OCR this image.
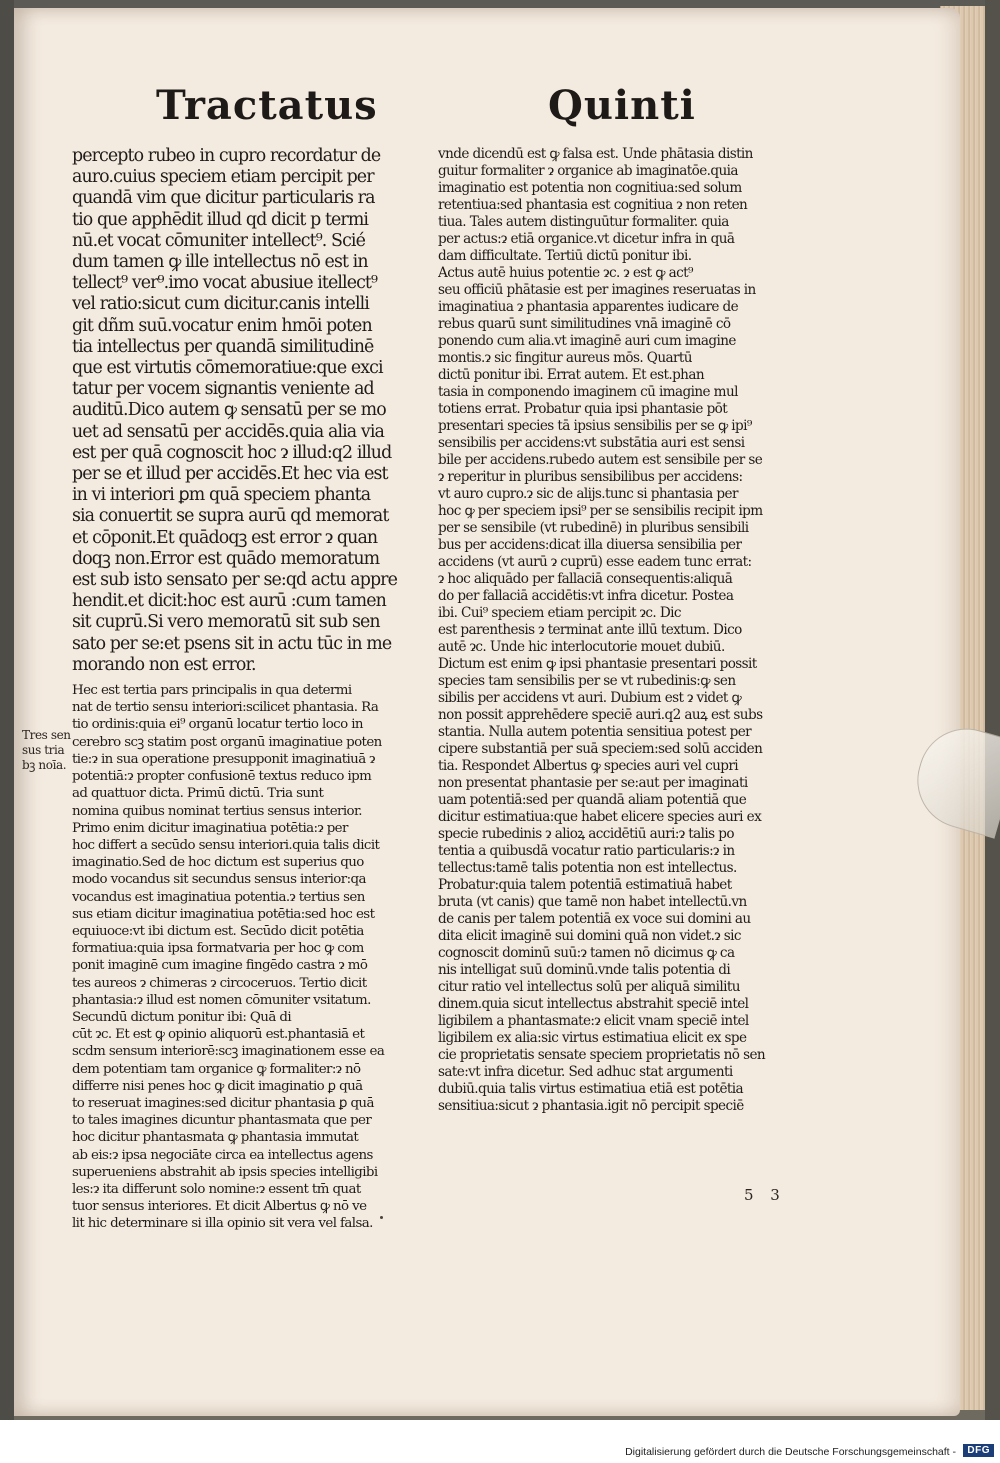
Tractatus	Quinti
percepto rubeo in cupro recordatur de
auro.cuius speciem etiam percipit per
quandā vim que dicitur particularis ra
tio que apphēdit illud qd dicit p termi
nū.et vocat cōmuniter intellect⁹. Scié
dum tamen ꝙ ille intellectus nō est in
tellect⁹ ver⁹.imo vocat abusiue itellect⁹
vel ratio:sicut cum dicitur.canis intelli
git dñm suū.vocatur enim hmōi poten
tia intellectus per quandā similitudinē
que est virtutis cōmemoratiue:que exci
tatur per vocem signantis veniente ad
auditū.Dico autem ꝙ sensatū per se mo
uet ad sensatū per accidēs.quia alia via
est per quā cognoscit hoc ɂ illud:q2 illud
per se et illud per accidēs.Et hec via est
in vi interiori ꝑm quā speciem phanta
sia conuertit se supra aurū qd memorat
et cōponit.Et quādoqꝫ est error ɂ quan
doqꝫ non.Error est quādo memoratum
est sub isto sensato per se:qd actu appre
hendit.et dicit:hoc est aurū :cum tamen
sit cuprū.Si vero memoratū sit sub sen
sato per se:et psens sit in actu tūc in me
morando non est error.
Hec est tertia pars principalis in qua determi
nat de tertio sensu interiori:scilicet phantasia. Ra
tio ordinis:quia ei⁹ organū locatur tertio loco in
cerebro scꝫ statim post organū imaginatiue poten
tie:ɂ in sua operatione presupponit imaginatiuā ɂ
potentiā:ɂ propter confusionē textus reduco ipm
ad quattuor dicta. Primū dictū. Tria sunt
nomina quibus nominat tertius sensus interior.
Primo enim dicitur imaginatiua potētia:ɂ per
hoc differt a secūdo sensu interiori.quia talis dicit
imaginatio.Sed de hoc dictum est superius quo
modo vocandus sit secundus sensus interior:qa
vocandus est imaginatiua potentia.ɂ tertius sen
sus etiam dicitur imaginatiua potētia:sed hoc est
equiuoce:vt ibi dictum est. Secūdo dicit potētia
formatiua:quia ipsa formatvaria per hoc ꝙ com
ponit imaginē cum imagine fingēdo castra ɂ mō
tes aureos ɂ chimeras ɂ circoceruos. Tertio dicit
phantasia:ɂ illud est nomen cōmuniter vsitatum.
Secundū dictum ponitur ibi: Quā di
cūt ɂc. Et est ꝙ opinio aliquorū est.phantasiā et
scdm sensum interiorē:scꝫ imaginationem esse ea
dem potentiam tam organice ꝙ formaliter:ɂ nō
differre nisi penes hoc ꝙ dicit imaginatio ꝑ quā
to reseruat imagines:sed dicitur phantasia ꝑ quā
to tales imagines dicuntur phantasmata que per
hoc dicitur phantasmata ꝙ phantasia immutat
ab eis:ɂ ipsa negociāte circa ea intellectus agens
superueniens abstrahit ab ipsis species intelligibi
les:ɂ ita differunt solo nomine:ɂ essent tm̄ quat
tuor sensus interiores. Et dicit Albertus ꝙ nō ve
lit hic determinare si illa opinio sit vera vel falsa.
Tres sen
sus tria
bꝫ noīa.
vnde dicendū est ꝙ falsa est. Unde phātasia distin
guitur formaliter ɂ organice ab imaginatōe.quia
imaginatio est potentia non cognitiua:sed solum
retentiua:sed phantasia est cognitiua ɂ non reten
tiua. Tales autem distinguūtur formaliter. quia
per actus:ɂ etiā organice.vt dicetur infra in quā
dam difficultate. Tertiū dictū ponitur ibi.
Actus autē huius potentie ɂc. ɂ est ꝙ act⁹
seu officiū phātasie est per imagines reseruatas in
imaginatiua ɂ phantasia apparentes iudicare de
rebus quarū sunt similitudines vnā imaginē cō
ponendo cum alia.vt imaginē auri cum imagine
montis.ɂ sic fingitur aureus mōs. Quartū
dictū ponitur ibi. Errat autem. Et est.phan
tasia in componendo imaginem cū imagine mul
totiens errat. Probatur quia ipsi phantasie pōt
presentari species tā ipsius sensibilis per se ꝙ ipi⁹
sensibilis per accidens:vt substātia auri est sensi
bile per accidens.rubedo autem est sensibile per se
ɂ reperitur in pluribus sensibilibus per accidens:
vt auro cupro.ɂ sic de alijs.tunc si phantasia per
hoc ꝙ per speciem ipsi⁹ per se sensibilis recipit ipm
per se sensibile (vt rubedinē) in pluribus sensibili
bus per accidens:dicat illa diuersa sensibilia per
accidens (vt aurū ɂ cuprū) esse eadem tunc errat:
ɂ hoc aliquādo per fallaciā consequentis:aliquā
do per fallaciā accidētis:vt infra dicetur. Postea
ibi. Cui⁹ speciem etiam percipit ɂc. Dic
est parenthesis ɂ terminat ante illū textum. Dico
autē ɂc. Unde hic interlocutorie mouet dubiū.
Dictum est enim ꝙ ipsi phantasie presentari possit
species tam sensibilis per se vt rubedinis:ꝙ sen
sibilis per accidens vt auri. Dubium est ɂ videt ꝙ
non possit apprehēdere speciē auri.q2 auꝝ est subs
stantia. Nulla autem potentia sensitiua potest per
cipere substantiā per suā speciem:sed solū acciden
tia. Respondet Albertus ꝙ species auri vel cupri
non presentat phantasie per se:aut per imaginati
uam potentiā:sed per quandā aliam potentiā que
dicitur estimatiua:que habet elicere species auri ex
specie rubedinis ɂ alioꝝ accidētiū auri:ɂ talis po
tentia a quibusdā vocatur ratio particularis:ɂ in
tellectus:tamē talis potentia non est intellectus.
Probatur:quia talem potentiā estimatiuā habet
bruta (vt canis) que tamē non habet intellectū.vn
de canis per talem potentiā ex voce sui domini au
dita elicit imaginē sui domini quā non videt.ɂ sic
cognoscit dominū suū:ɂ tamen nō dicimus ꝙ ca
nis intelligat suū dominū.vnde talis potentia di
citur ratio vel intellectus solū per aliquā similitu
dinem.quia sicut intellectus abstrahit speciē intel
ligibilem a phantasmate:ɂ elicit vnam speciē intel
ligibilem ex alia:sic virtus estimatiua elicit ex spe
cie proprietatis sensate speciem proprietatis nō sen
sate:vt infra dicetur. Sed adhuc stat argumenti
dubiū.quia talis virtus estimatiua etiā est potētia
sensitiua:sicut ɂ phantasia.igit nō percipit speciē
5 3
Digitalisierung gefördert durch die Deutsche Forschungsgemeinschaft -	DFG
